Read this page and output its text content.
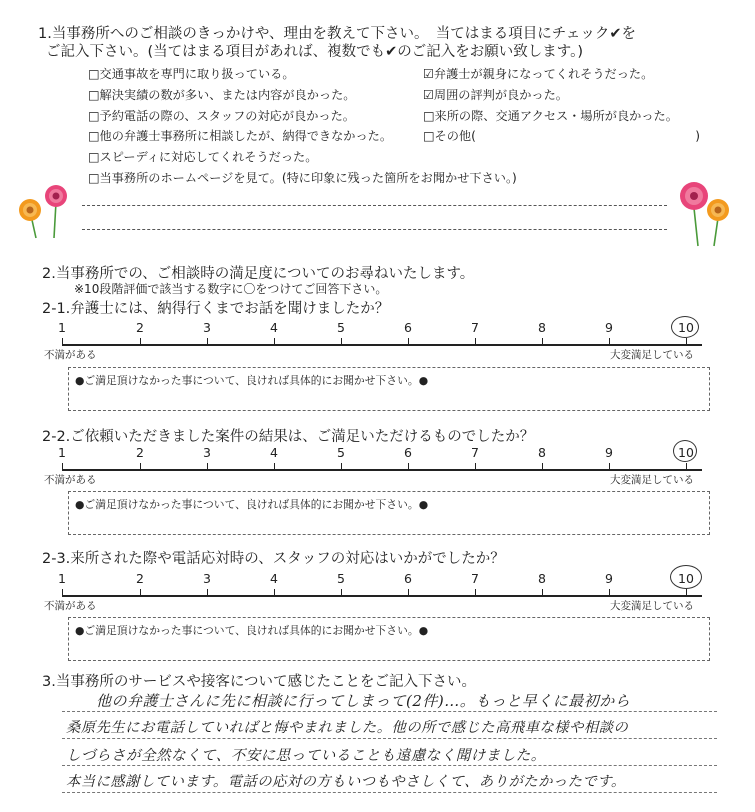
1.当事務所へのご相談のきっかけや、理由を教えて下さい。　当てはまる項目にチェック✔を
ご記入下さい。(当てはまる項目があれば、複数でも✔のご記入をお願い致します。)
□交通事故を専門に取り扱っている。
□解決実績の数が多い、または内容が良かった。
□予約電話の際の、スタッフの対応が良かった。
□他の弁護士事務所に相談したが、納得できなかった。
□スピーディに対応してくれそうだった。
□当事務所のホームページを見て。(特に印象に残った箇所をお聞かせ下さい。)
☑弁護士が親身になってくれそうだった。
☑周囲の評判が良かった。
□来所の際、交通アクセス・場所が良かった。
□その他(　　　　　　　　　　　　　　　　　　)
2.当事務所での、ご相談時の満足度についてのお尋ねいたします。
※10段階評価で該当する数字に〇をつけてご回答下さい。
2-1.弁護士には、納得行くまでお話を聞けましたか？
1	2	3	4	5	6	7	8	9	10
不満がある	大変満足している
●ご満足頂けなかった事について、良ければ具体的にお聞かせ下さい。●
2-2.ご依頼いただきました案件の結果は、ご満足いただけるものでしたか？
1	2	3	4	5	6	7	8	9	10
不満がある	大変満足している
●ご満足頂けなかった事について、良ければ具体的にお聞かせ下さい。●
2-3.来所された際や電話応対時の、スタッフの対応はいかがでしたか？
1	2	3	4	5	6	7	8	9	10
不満がある	大変満足している
●ご満足頂けなかった事について、良ければ具体的にお聞かせ下さい。●
3.当事務所のサービスや接客について感じたことをご記入下さい。
他の弁護士さんに先に相談に行ってしまって(2件)…。もっと早くに最初から
桑原先生にお電話していればと悔やまれました。他の所で感じた高飛車な様や相談の
しづらさが全然なくて、不安に思っていることも遠慮なく聞けました。
本当に感謝しています。電話の応対の方もいつもやさしくて、ありがたかったです。
